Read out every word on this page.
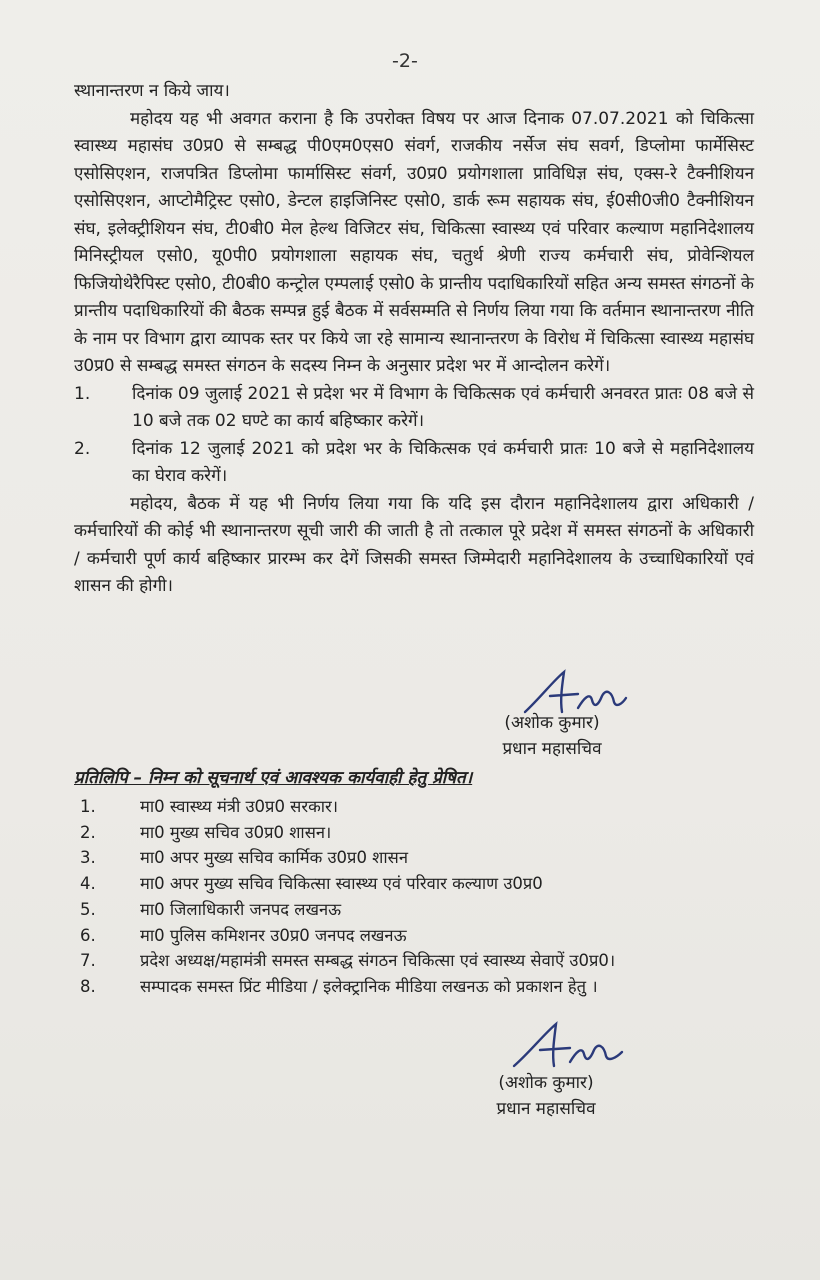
-2-

स्थानान्तरण न किये जाय।

महोदय यह भी अवगत कराना है कि उपरोक्त विषय पर आज दिनाक 07.07.2021 को चिकित्सा स्वास्थ्य महासंघ उ0प्र0 से सम्बद्ध पी0एम0एस0 संवर्ग, राजकीय नर्सेज संघ सवर्ग, डिप्लोमा फार्मेसिस्ट एसोसिएशन, राजपत्रित डिप्लोमा फार्मासिस्ट संवर्ग, उ0प्र0 प्रयोगशाला प्राविधिज्ञ संघ, एक्स-रे टैक्नीशियन एसोसिएशन, आप्टोमैट्रिस्ट एसो0, डेन्टल हाइजिनिस्ट एसो0, डार्क रूम सहायक संघ, ई0सी0जी0 टैक्नीशियन संघ, इलेक्ट्रीशियन संघ, टी0बी0 मेल हेल्थ विजिटर संघ, चिकित्सा स्वास्थ्य एवं परिवार कल्याण महानिदेशालय मिनिस्ट्रीयल एसो0, यू0पी0 प्रयोगशाला सहायक संघ, चतुर्थ श्रेणी राज्य कर्मचारी संघ, प्रोवेन्शियल फिजियोथेरैपिस्ट एसो0, टी0बी0 कन्ट्रोल एम्पलाई एसो0 के प्रान्तीय पदाधिकारियों सहित अन्य समस्त संगठनों के प्रान्तीय पदाधिकारियों की बैठक सम्पन्न हुई बैठक में सर्वसम्मति से निर्णय लिया गया कि वर्तमान स्थानान्तरण नीति के नाम पर विभाग द्वारा व्यापक स्तर पर किये जा रहे सामान्य स्थानान्तरण के विरोध में चिकित्सा स्वास्थ्य महासंघ उ0प्र0 से सम्बद्ध समस्त संगठन के सदस्य निम्न के अनुसार प्रदेश भर में आन्दोलन करेगें।

1.	दिनांक 09 जुलाई 2021 से प्रदेश भर में विभाग के चिकित्सक एवं कर्मचारी अनवरत प्रातः 08 बजे से 10 बजे तक 02 घण्टे का कार्य बहिष्कार करेगें।
2.	दिनांक 12 जुलाई 2021 को प्रदेश भर के चिकित्सक एवं कर्मचारी प्रातः 10 बजे से महानिदेशालय का घेराव करेगें।

महोदय, बैठक में यह भी निर्णय लिया गया कि यदि इस दौरान महानिदेशालय द्वारा अधिकारी / कर्मचारियों की कोई भी स्थानान्तरण सूची जारी की जाती है तो तत्काल पूरे प्रदेश में समस्त संगठनों के अधिकारी / कर्मचारी पूर्ण कार्य बहिष्कार प्रारम्भ कर देगें जिसकी समस्त जिम्मेदारी महानिदेशालय के उच्चाधिकारियों एवं शासन की होगी।

(अशोक कुमार)
प्रधान महासचिव
प्रतिलिपि – निम्न को सूचनार्थ एवं आवश्यक कार्यवाही हेतु प्रेषित।
1.	मा0 स्वास्थ्य मंत्री उ0प्र0 सरकार।
2.	मा0 मुख्य सचिव उ0प्र0 शासन।
3.	मा0 अपर मुख्य सचिव कार्मिक उ0प्र0 शासन
4.	मा0 अपर मुख्य सचिव चिकित्सा स्वास्थ्य एवं परिवार कल्याण उ0प्र0
5.	मा0 जिलाधिकारी जनपद लखनऊ
6.	मा0 पुलिस कमिशनर उ0प्र0 जनपद लखनऊ
7.	प्रदेश अध्यक्ष/महामंत्री समस्त सम्बद्ध संगठन चिकित्सा एवं स्वास्थ्य सेवाऐं उ0प्र0।
8.	सम्पादक समस्त प्रिंट मीडिया / इलेक्ट्रानिक मीडिया लखनऊ को प्रकाशन हेतु ।
(अशोक कुमार)
प्रधान महासचिव
